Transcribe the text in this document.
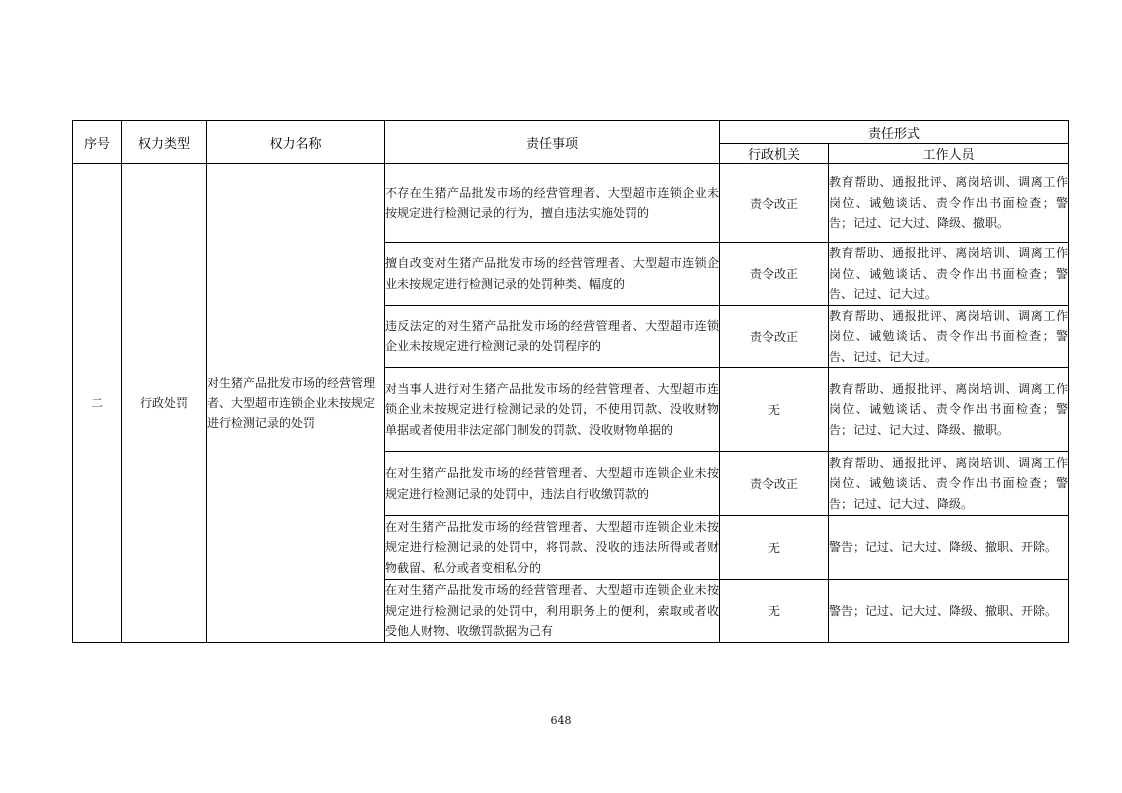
序号	权力类型	权力名称	责任事项	责任形式	
				行政机关	工作人员
二	行政处罚	对生猪产品批发市场的经营管理者、大型超市连锁企业未按规定进行检测记录的处罚	不存在生猪产品批发市场的经营管理者、大型超市连锁企业未按规定进行检测记录的行为，擅自违法实施处罚的	责令改正	教育帮助、通报批评、离岗培训、调离工作岗位、诫勉谈话、责令作出书面检查；警告；记过、记大过、降级、撤职。
			擅自改变对生猪产品批发市场的经营管理者、大型超市连锁企业未按规定进行检测记录的处罚种类、幅度的	责令改正	教育帮助、通报批评、离岗培训、调离工作岗位、诫勉谈话、责令作出书面检查；警告、记过、记大过。
			违反法定的对生猪产品批发市场的经营管理者、大型超市连锁企业未按规定进行检测记录的处罚程序的	责令改正	教育帮助、通报批评、离岗培训、调离工作岗位、诫勉谈话、责令作出书面检查；警告、记过、记大过。
			对当事人进行对生猪产品批发市场的经营管理者、大型超市连锁企业未按规定进行检测记录的处罚，不使用罚款、没收财物单据或者使用非法定部门制发的罚款、没收财物单据的	无	教育帮助、通报批评、离岗培训、调离工作岗位、诫勉谈话、责令作出书面检查；警告；记过、记大过、降级、撤职。
			在对生猪产品批发市场的经营管理者、大型超市连锁企业未按规定进行检测记录的处罚中，违法自行收缴罚款的	责令改正	教育帮助、通报批评、离岗培训、调离工作岗位、诫勉谈话、责令作出书面检查；警告；记过、记大过、降级。
			在对生猪产品批发市场的经营管理者、大型超市连锁企业未按规定进行检测记录的处罚中，将罚款、没收的违法所得或者财物截留、私分或者变相私分的	无	警告；记过、记大过、降级、撤职、开除。
			在对生猪产品批发市场的经营管理者、大型超市连锁企业未按规定进行检测记录的处罚中，利用职务上的便利，索取或者收受他人财物、收缴罚款据为己有	无	警告；记过、记大过、降级、撤职、开除。
648
